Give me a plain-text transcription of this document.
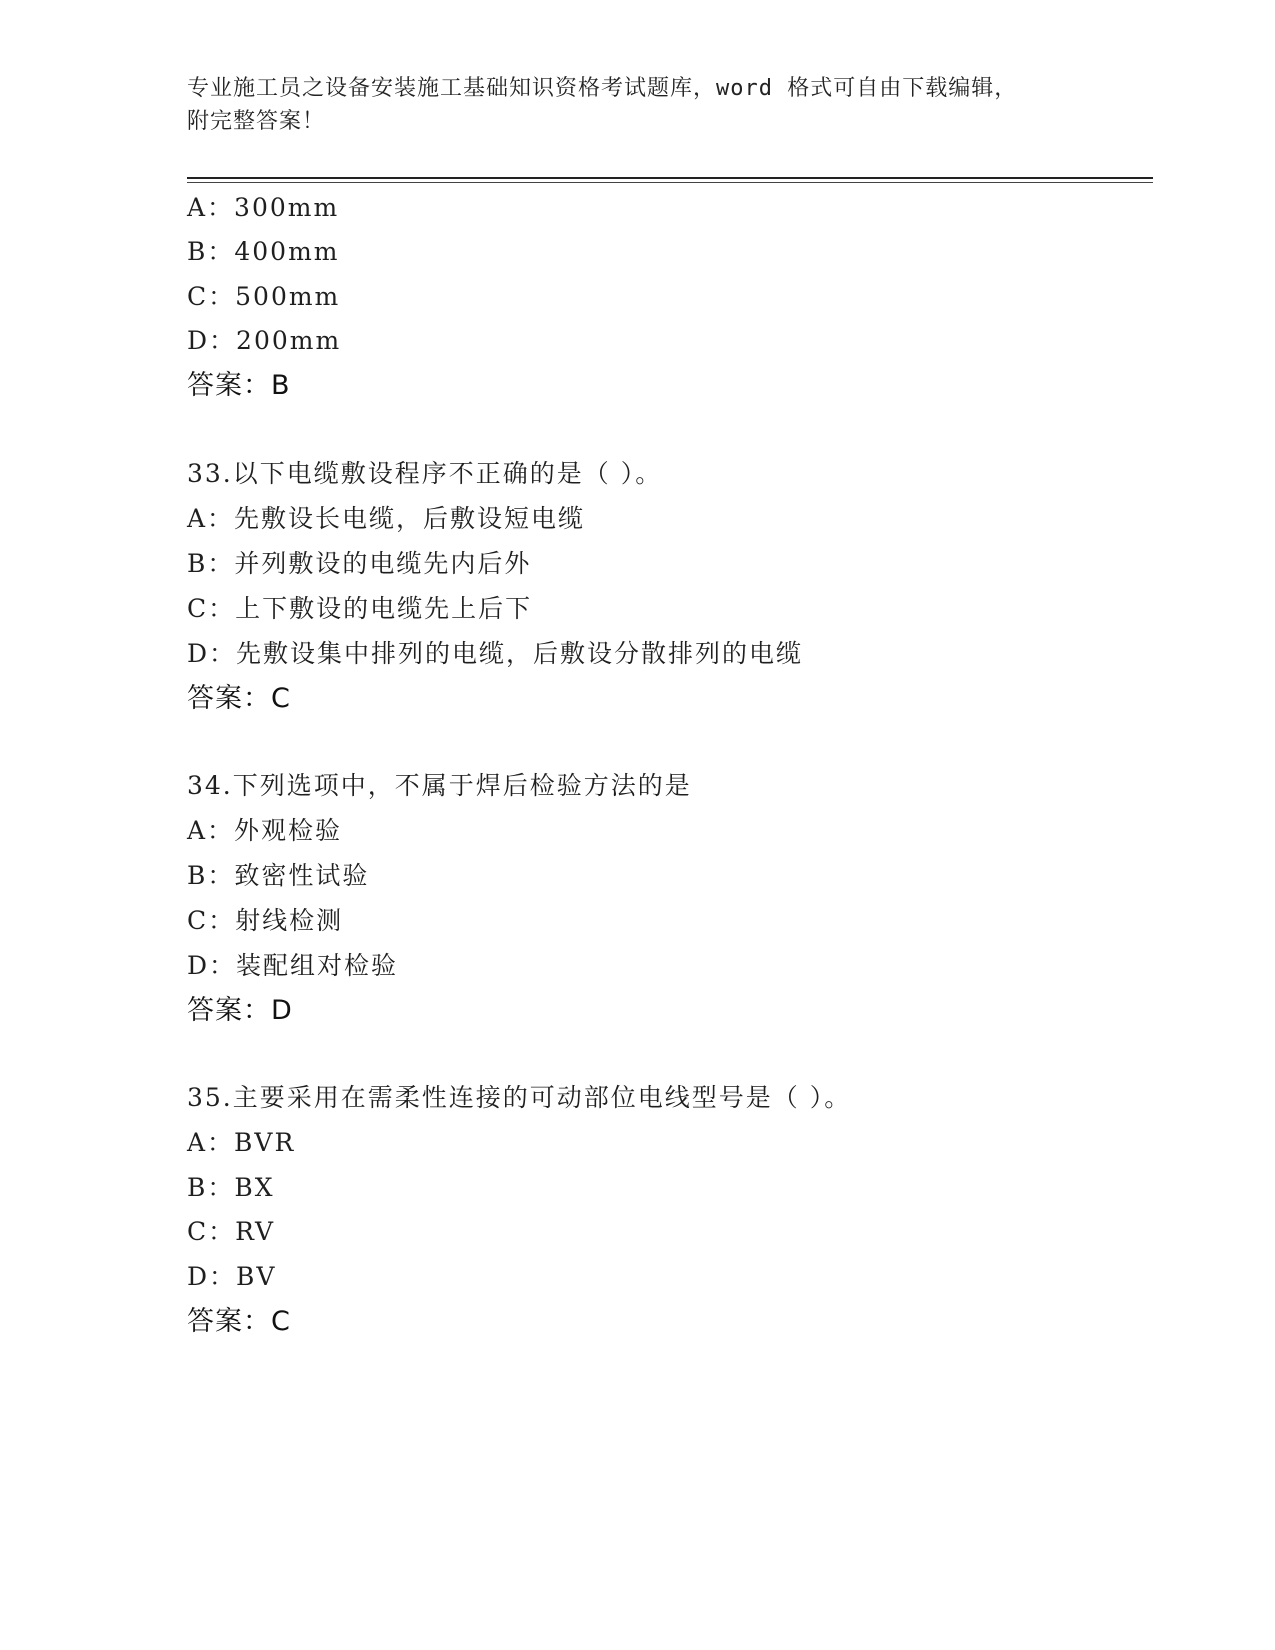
专业施工员之设备安装施工基础知识资格考试题库，word 格式可自由下载编辑，
附完整答案！
A：300mm
B：400mm
C：500mm
D：200mm
答案：B
33.以下电缆敷设程序不正确的是（ ）。
A：先敷设长电缆，后敷设短电缆
B：并列敷设的电缆先内后外
C：上下敷设的电缆先上后下
D：先敷设集中排列的电缆，后敷设分散排列的电缆
答案：C
34.下列选项中，不属于焊后检验方法的是
A：外观检验
B：致密性试验
C：射线检测
D：装配组对检验
答案：D
35.主要采用在需柔性连接的可动部位电线型号是（ ）。
A：BVR
B：BX
C：RV
D：BV
答案：C
